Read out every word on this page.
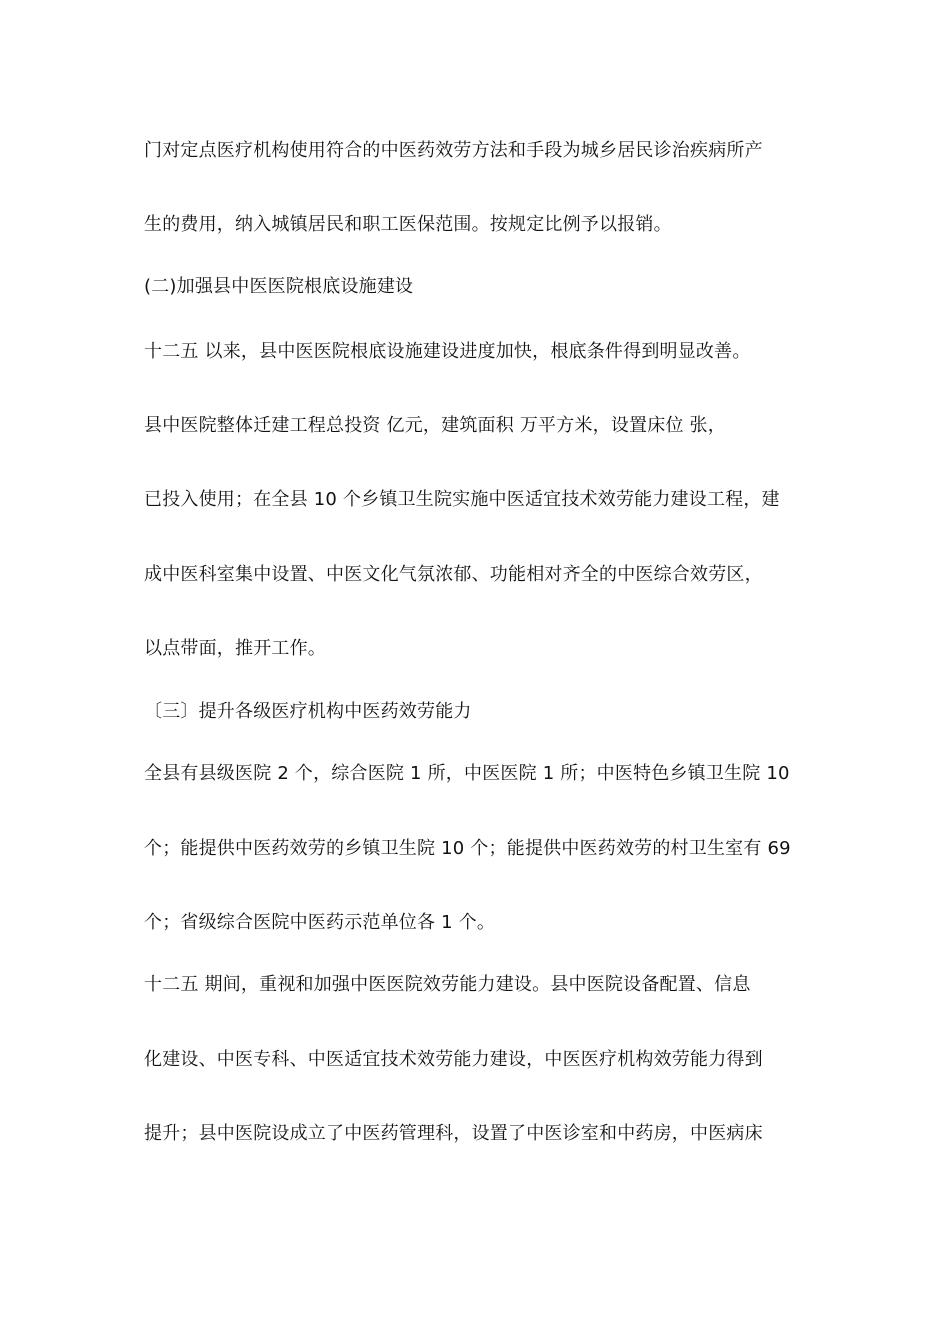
门对定点医疗机构使用符合的中医药效劳方法和手段为城乡居民诊治疾病所产
生的费用，纳入城镇居民和职工医保范围。按规定比例予以报销。
(二)加强县中医医院根底设施建设
十二五 以来，县中医医院根底设施建设进度加快，根底条件得到明显改善。
县中医院整体迁建工程总投资 亿元，建筑面积 万平方米，设置床位 张，
已投入使用；在全县 10 个乡镇卫生院实施中医适宜技术效劳能力建设工程，建
成中医科室集中设置、中医文化气氛浓郁、功能相对齐全的中医综合效劳区，
以点带面，推开工作。
〔三〕提升各级医疗机构中医药效劳能力
全县有县级医院 2 个，综合医院 1 所，中医医院 1 所；中医特色乡镇卫生院 10
个；能提供中医药效劳的乡镇卫生院 10 个；能提供中医药效劳的村卫生室有 69
个；省级综合医院中医药示范单位各 1 个。
十二五 期间，重视和加强中医医院效劳能力建设。县中医院设备配置、信息
化建设、中医专科、中医适宜技术效劳能力建设，中医医疗机构效劳能力得到
提升；县中医院设成立了中医药管理科，设置了中医诊室和中药房，中医病床
